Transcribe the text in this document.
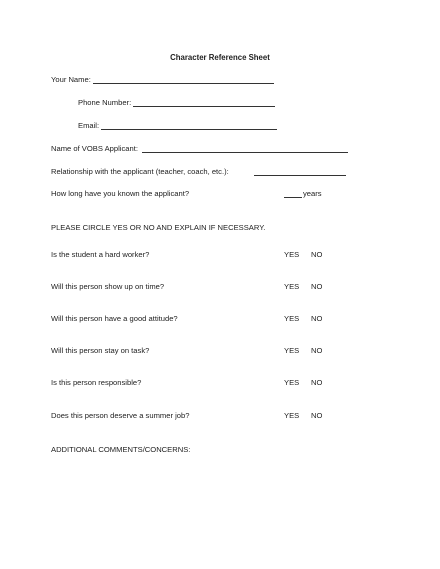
Character Reference Sheet
Your Name:
Phone Number:
Email:
Name of VOBS Applicant:
Relationship with the applicant (teacher, coach, etc.):
How long have you known the applicant?	years
PLEASE CIRCLE YES OR NO AND EXPLAIN IF NECESSARY.
Is the student a hard worker?	YES NO
Will this person show up on time?	YES NO
Will this person have a good attitude?	YES NO
Will this person stay on task?	YES NO
Is this person responsible?	YES NO
Does this person deserve a summer job?	YES NO
ADDITIONAL COMMENTS/CONCERNS:
